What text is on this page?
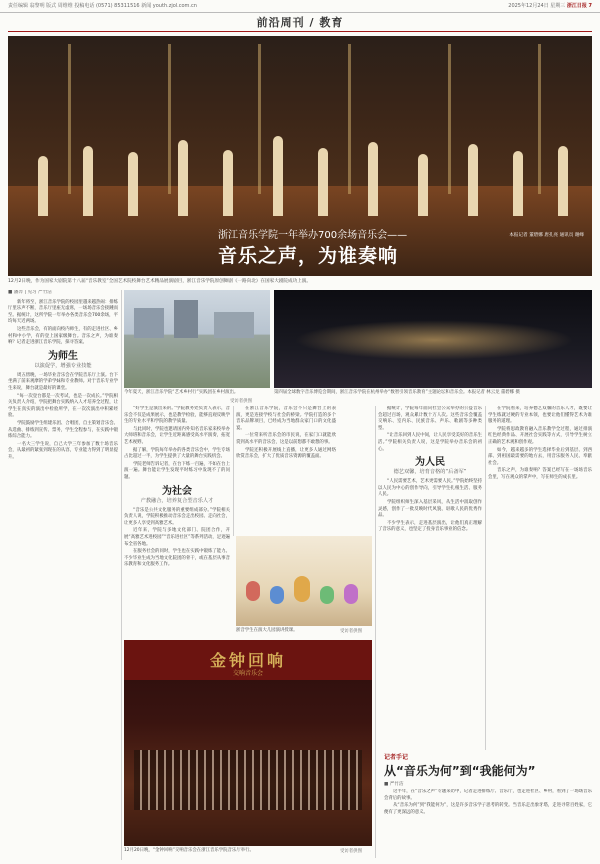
责任编辑 翁黎明 版式 周维维 投稿电话 (0571) 85311516 新闻 youth.zjol.com.cn	2025年12月24日 星期三 浙江日报 7
前沿周刊 / 教育
浙江音乐学院一年举办700余场音乐会——
音乐之声，为谁奏响
本报记者 董碧娜 唐孔亮 通讯员 谢峰
12月2日晚，作为国家大剧院第十八届“音乐教室”全国艺术院校舞台艺术精品展演剧目，浙江音乐学院原创舞剧《一路向北》在国家大剧院成功上演。
■ 潘奔 | 见习 严竹洁

新年将至，浙江音乐学院的校园里越来越热闹：排练厅里乐声不断，音乐厅里座无虚席，一场场音乐会接踵而至。据统计，这所学院一年举办各类音乐会700余场，平均每天近两场。

这些音乐会，有的面向校内师生，有的走进社区、乡村和中小学，有的登上国家级舞台。音乐之声，为谁奏响？记者走进浙江音乐学院，探寻答案。

为师生
以演促学，增强专业技能

周五傍晚，一场毕业音乐会在学院音乐厅上演。台下坐满了前来观摩的学弟学妹和专业教师。对于音乐专业学生来说，舞台就是最好的课堂。

“每一次登台都是一次考试，也是一次成长。”学院相关负责人介绍，学院把舞台实践纳入人才培养全过程，让学生在真实的演出中检验所学，在一次次演出中积累经验。

学院鼓励学生组建乐团、合唱团，自主策划音乐会。从选曲、排练到宣传、票务，学生全程参与，在实践中锻炼综合能力。

一名大三学生说，自己大学三年参加了数十场音乐会，从最初的紧张到现在的从容，专业能力得到了明显提升。

今年夏天，浙江音乐学院“艺术乡村行”实践团在乡村演出。
受访者供图
第四届全球数字音乐博览会期间，浙江音乐学院在杭州举办“数智引领音乐教育”主题论坛和音乐会。本报记者 林云龙 董碧娜 摄

“好学生是演出来的。”学院教务处负责人表示，音乐会不仅是成果展示，也是教学检验，能够直观反映学生的专业水平和学院的教学质量。

与此同时，学院也邀请国内外知名音乐家来校举办大师班和音乐会，让学生近距离感受高水平演奏，拓宽艺术视野。

据了解，学院每年举办的各类音乐会中，学生专场占比超过一半，为学生提供了大量的舞台实践机会。

学院老师告诉记者，在台下练一百遍，不如在台上演一遍。舞台能让学生发现平时练习中发现不了的问题。

为社会
产教融合，培养复合型音乐人才

“音乐是公共文化服务的重要组成部分。”学院相关负责人说，学院积极推动音乐会走出校园、走向社会，让更多人享受到高雅艺术。

近年来，学院与多地文化部门、院团合作，开展“高雅艺术进校园”“音乐进社区”等系列活动，足迹遍布全省各地。

在服务社会的同时，学生也在实践中锻炼了能力。不少毕业生成为当地文化院团的骨干，或在基层从事音乐教育和文化服务工作。

在浙江音乐学院，音乐会不只是舞台上的表演，更是连接学校与社会的桥梁。学院打造的多个音乐品牌项目，已经成为当地群众家门口的文化盛宴。

一位常来听音乐会的市民说，在家门口就能欣赏到高水平的音乐会，这是以前想都不敢想的事。

学院还积极开展线上直播，让更多人通过网络欣赏音乐会，扩大了优质音乐资源的覆盖面。

浙音学生在演大儿园演讲授课。	受访者供图
金钟回响
交响音乐会
12月20日晚，“金钟回响”交响音乐会在浙江音乐学院音乐厅举行。	受访者供图

据统计，学院每年面向社会公众举办的公益音乐会超过百场，观众累计数十万人次。这些音乐会覆盖交响乐、室内乐、民族音乐、声乐、歌剧等多种类型。

“让音乐回到人民中间，让人民享受美好的音乐生活。”学院相关负责人说，这是学院举办音乐会的初心。

为人民
德艺双馨，培育音格的“后备军”

“人民需要艺术，艺术更需要人民。”学院始终坚持以人民为中心的创作导向，引导学生扎根生活、服务人民。

学院组织师生深入基层采风，从生活中汲取创作灵感，创作了一批反映时代风貌、讴歌人民的优秀作品。

不少学生表示，走进基层演出，让他们真正理解了音乐的意义，也坚定了投身音乐事业的信念。

在学院看来，培养德艺双馨的音乐人才，既要让学生练就过硬的专业本领，也要让他们懂得艺术为谁服务的道理。

学院将思政教育融入音乐教学全过程，通过排演红色经典作品、开展社会实践等方式，引导学生树立正确的艺术观和创作观。

如今，越来越多的学生选择毕业后到基层、到西部、到祖国最需要的地方去，用音乐服务人民、奉献社会。

音乐之声，为谁奏响？答案已经写在一场场音乐会里，写在观众的掌声中，写在师生的成长里。

记者手记
从“音乐为何”到“我能何为”
■ 严竹洁

这半年，在“音乐之声”专题采访中，记者走进排练厅、音乐厅，也走进社区、乡村，看到了一场场音乐会背后的故事。

从“音乐为何”到“我能何为”，这是许多音乐学子思考的转变。当音乐走出象牙塔，走进寻常百姓家，它便有了更深远的意义。
